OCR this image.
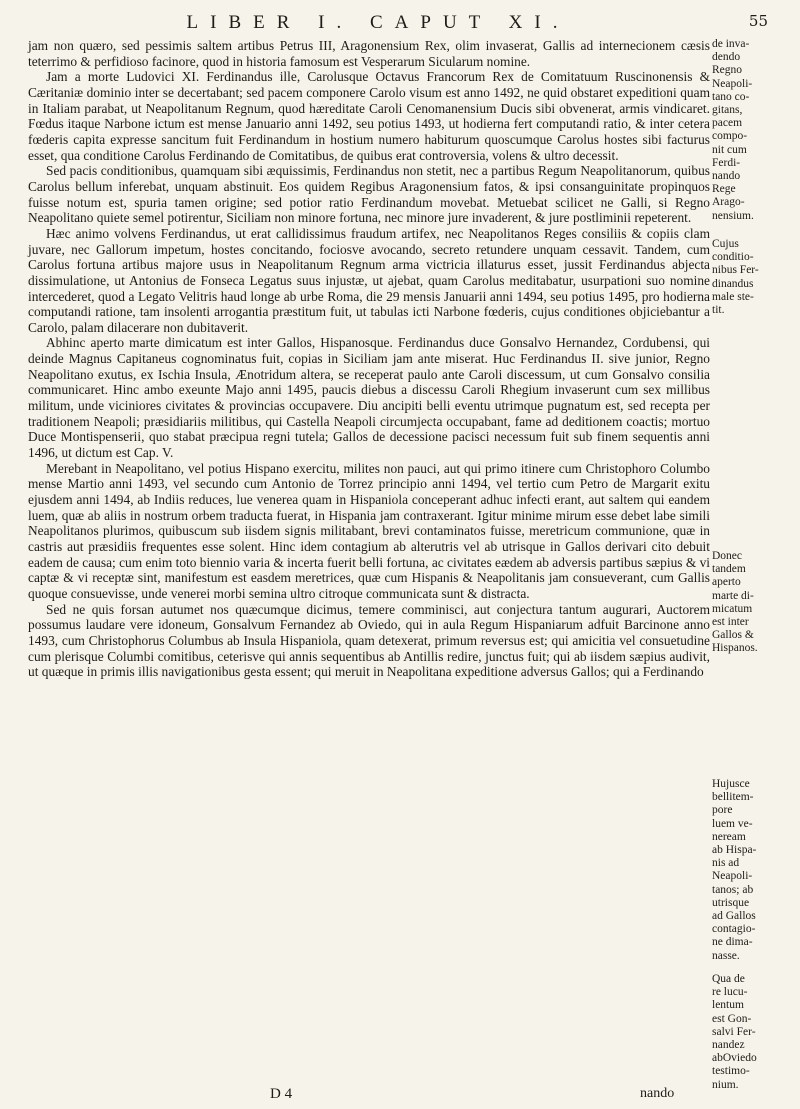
LIBER I. CAPUT XI.	55

jam non quæro, sed pessimis saltem artibus Petrus III, Aragonensium Rex, olim invaserat, Gallis ad internecionem cæsis teterrimo & perfidioso facinore, quod in historia famosum est Vesperarum Sicularum nomine.

Jam a morte Ludovici XI. Ferdinandus ille, Carolusque Octavus Francorum Rex de Comitatuum Ruscinonensis & Cæritaniæ dominio inter se decertabant; sed pacem componere Carolo visum est anno 1492, ne quid obstaret expeditioni quam in Italiam parabat, ut Neapolitanum Regnum, quod hæreditate Caroli Cenomanensium Ducis sibi obvenerat, armis vindicaret. Fœdus itaque Narbone ictum est mense Januario anni 1492, seu potius 1493, ut hodierna fert computandi ratio, & inter cetera fœderis capita expresse sancitum fuit Ferdinandum in hostium numero habiturum quoscumque Carolus hostes sibi facturus esset, qua conditione Carolus Ferdinando de Comitatibus, de quibus erat controversia, volens & ultro decessit.

Sed pacis conditionibus, quamquam sibi æquissimis, Ferdinandus non stetit, nec a partibus Regum Neapolitanorum, quibus Carolus bellum inferebat, unquam abstinuit. Eos quidem Regibus Aragonensium fatos, & ipsi consanguinitate propinquos fuisse notum est, spuria tamen origine; sed potior ratio Ferdinandum movebat. Metuebat scilicet ne Galli, si Regno Neapolitano quiete semel potirentur, Siciliam non minore fortuna, nec minore jure invaderent, & jure postliminii repeterent.

Hæc animo volvens Ferdinandus, ut erat callidissimus fraudum artifex, nec Neapolitanos Reges consiliis & copiis clam juvare, nec Gallorum impetum, hostes concitando, fociosve avocando, secreto retundere unquam cessavit. Tandem, cum Carolus fortuna artibus majore usus in Neapolitanum Regnum arma victricia illaturus esset, jussit Ferdinandus abjecta dissimulatione, ut Antonius de Fonseca Legatus suus injustæ, ut ajebat, quam Carolus meditabatur, usurpationi suo nomine intercederet, quod a Legato Velitris haud longe ab urbe Roma, die 29 mensis Januarii anni 1494, seu potius 1495, pro hodierna computandi ratione, tam insolenti arrogantia præstitum fuit, ut tabulas icti Narbone fœderis, cujus conditiones objiciebantur a Carolo, palam dilacerare non dubitaverit.

Abhinc aperto marte dimicatum est inter Gallos, Hispanosque. Ferdinandus duce Gonsalvo Hernandez, Cordubensi, qui deinde Magnus Capitaneus cognominatus fuit, copias in Siciliam jam ante miserat. Huc Ferdinandus II. sive junior, Regno Neapolitano exutus, ex Ischia Insula, Ænotridum altera, se receperat paulo ante Caroli discessum, ut cum Gonsalvo consilia communicaret. Hinc ambo exeunte Majo anni 1495, paucis diebus a discessu Caroli Rhegium invaserunt cum sex millibus militum, unde viciniores civitates & provincias occupavere. Diu ancipiti belli eventu utrimque pugnatum est, sed recepta per traditionem Neapoli; præsidiariis militibus, qui Castella Neapoli circumjecta occupabant, fame ad deditionem coactis; mortuo Duce Montispenserii, quo stabat præcipua regni tutela; Gallos de decessione pacisci necessum fuit sub finem sequentis anni 1496, ut dictum est Cap. V.

Merebant in Neapolitano, vel potius Hispano exercitu, milites non pauci, aut qui primo itinere cum Christophoro Columbo mense Martio anni 1493, vel secundo cum Antonio de Torrez principio anni 1494, vel tertio cum Petro de Margarit exitu ejusdem anni 1494, ab Indiis reduces, lue venerea quam in Hispaniola conceperant adhuc infecti erant, aut saltem qui eandem luem, quæ ab aliis in nostrum orbem traducta fuerat, in Hispania jam contraxerant. Igitur minime mirum esse debet labe simili Neapolitanos plurimos, quibuscum sub iisdem signis militabant, brevi contaminatos fuisse, meretricum communione, quæ in castris aut præsidiis frequentes esse solent. Hinc idem contagium ab alterutris vel ab utrisque in Gallos derivari cito debuit eadem de causa; cum enim toto biennio varia & incerta fuerit belli fortuna, ac civitates eædem ab adversis partibus sæpius & vi captæ & vi receptæ sint, manifestum est easdem meretrices, quæ cum Hispanis & Neapolitanis jam consueverant, cum Gallis quoque consuevisse, unde venerei morbi semina ultro citroque communicata sunt & distracta.

Sed ne quis forsan autumet nos quæcumque dicimus, temere comminisci, aut conjectura tantum augurari, Auctorem possumus laudare vere idoneum, Gonsalvum Fernandez ab Oviedo, qui in aula Regum Hispaniarum adfuit Barcinone anno 1493, cum Christophorus Columbus ab Insula Hispaniola, quam detexerat, primum reversus est; qui amicitia vel consuetudine cum plerisque Columbi comitibus, ceterisve qui annis sequentibus ab Antillis redire, junctus fuit; qui ab iisdem sæpius audivit, ut quæque in primis illis navigationibus gesta essent; qui meruit in Neapolitana expeditione adversus Gallos; qui a Ferdinando

de inva-
dendo
Regno
Neapoli-
tano co-
gitans,
pacem
compo-
nit cum
Ferdi-
nando
Rege
Arago-
nensium.
Cujus
conditio-
nibus Fer-
dinandus
male ste-
tit.
Donec
tandem
aperto
marte di-
micatum
est inter
Gallos &
Hispanos.
Hujusce
bellitem-
pore
luem ve-
neream
ab Hispa-
nis ad
Neapoli-
tanos; ab
utrisque
ad Gallos
contagio-
ne dima-
nasse.
Qua de
re lucu-
lentum
est Gon-
salvi Fer-
nandez
abOviedo
testimo-
nium.
D 4	nando
